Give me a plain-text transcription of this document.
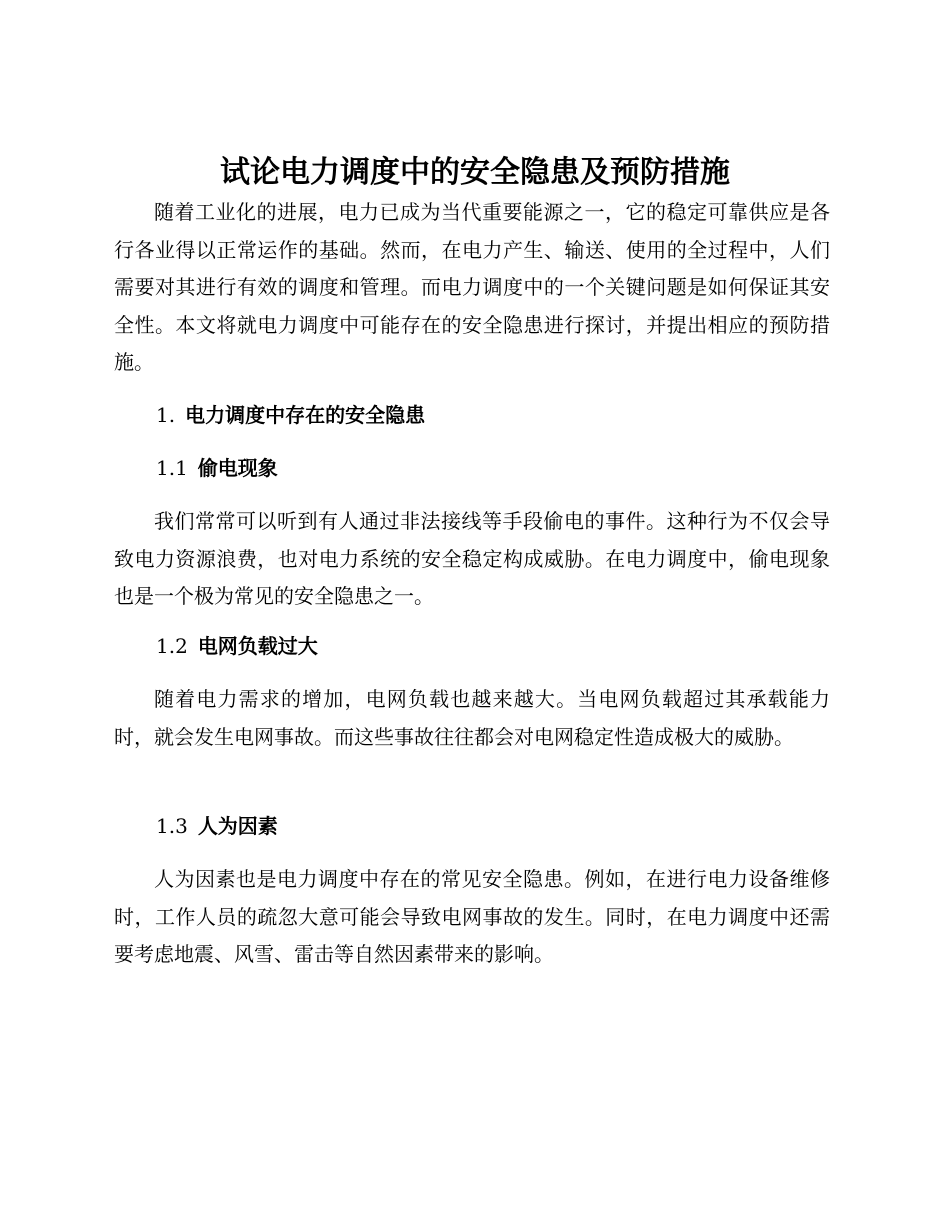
试论电力调度中的安全隐患及预防措施

随着工业化的进展，电力已成为当代重要能源之一，它的稳定可靠供应是各行各业得以正常运作的基础。然而，在电力产生、输送、使用的全过程中，人们需要对其进行有效的调度和管理。而电力调度中的一个关键问题是如何保证其安全性。本文将就电力调度中可能存在的安全隐患进行探讨，并提出相应的预防措施。

1. 电力调度中存在的安全隐患
1.1 偷电现象

我们常常可以听到有人通过非法接线等手段偷电的事件。这种行为不仅会导致电力资源浪费，也对电力系统的安全稳定构成威胁。在电力调度中，偷电现象也是一个极为常见的安全隐患之一。

1.2 电网负载过大

随着电力需求的增加，电网负载也越来越大。当电网负载超过其承载能力时，就会发生电网事故。而这些事故往往都会对电网稳定性造成极大的威胁。

1.3 人为因素

人为因素也是电力调度中存在的常见安全隐患。例如，在进行电力设备维修时，工作人员的疏忽大意可能会导致电网事故的发生。同时，在电力调度中还需要考虑地震、风雪、雷击等自然因素带来的影响。
